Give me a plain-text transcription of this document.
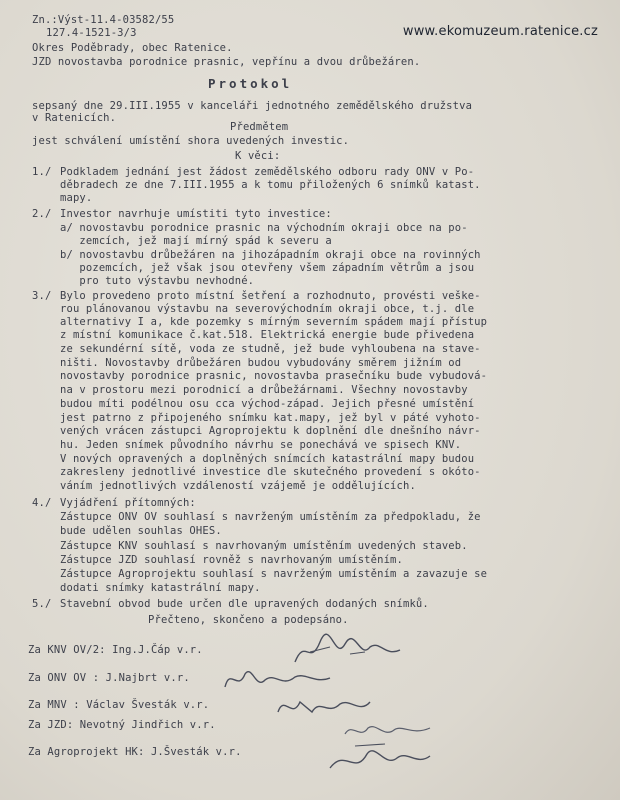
www.ekomuzeum.ratenice.cz
Zn.:Výst-11.4-03582/55
127.4-1521-3/3
Okres Poděbrady, obec Ratenice.
JZD novostavba porodnice prasnic, vepřínu a dvou drůbežáren.
Protokol
sepsaný dne 29.III.1955 v kanceláři jednotného zemědělského družstva
v Ratenicích.
Předmětem
jest schválení umístění shora uvedených investic.
K věci:
1./ Podkladem jednání jest žádost zemědělského odboru rady ONV v Po-
děbradech ze dne 7.III.1955 a k tomu přiložených 6 snímků katast.
mapy.
2./ Investor navrhuje umístiti tyto investice:
a/ novostavbu porodnice prasnic na východním okraji obce na po-
zemcích, jež mají mírný spád k severu a
b/ novostavbu drůbežáren na jihozápadním okraji obce na rovinných
pozemcích, jež však jsou otevřeny všem západním větrům a jsou
pro tuto výstavbu nevhodné.
3./ Bylo provedeno proto místní šetření a rozhodnuto, provésti veške-
rou plánovanou výstavbu na severovýchodním okraji obce, t.j. dle
alternativy I a, kde pozemky s mírným severním spádem mají přístup
z místní komunikace č.kat.518. Elektrická energie bude přivedena
ze sekundérní sítě, voda ze studně, jež bude vyhloubena na stave-
ništi. Novostavby drůbežáren budou vybudovány směrem jižním od
novostavby porodnice prasnic, novostavba prasečníku bude vybudová-
na v prostoru mezi porodnicí a drůbežárnami. Všechny novostavby
budou míti podélnou osu cca východ-západ. Jejich přesné umístění
jest patrno z připojeného snímku kat.mapy, jež byl v páté vyhoto-
vených vrácen zástupci Agroprojektu k doplnění dle dnešního návr-
hu. Jeden snímek původního návrhu se ponechává ve spisech KNV.
V nových opravených a doplněných snímcích katastrální mapy budou
zakresleny jednotlivé investice dle skutečného provedení s okóto-
váním jednotlivých vzdáleností vzájemě je oddělujících.
4./ Vyjádření přítomných:
Zástupce ONV OV souhlasí s navrženým umístěním za předpokladu, že
bude udělen souhlas OHES.
Zástupce KNV souhlasí s navrhovaným umístěním uvedených staveb.
Zástupce JZD souhlasí rovněž s navrhovaným umístěním.
Zástupce Agroprojektu souhlasí s navrženým umístěním a zavazuje se
dodati snímky katastrální mapy.
5./ Stavební obvod bude určen dle upravených dodaných snímků.
Přečteno, skončeno a podepsáno.
Za KNV OV/2: Ing.J.Čáp v.r.
Za ONV OV : J.Najbrt v.r.
Za MNV : Václav Švesták v.r.
Za JZD: Nevotný Jindřich v.r.
Za Agroprojekt HK: J.Švesták v.r.
